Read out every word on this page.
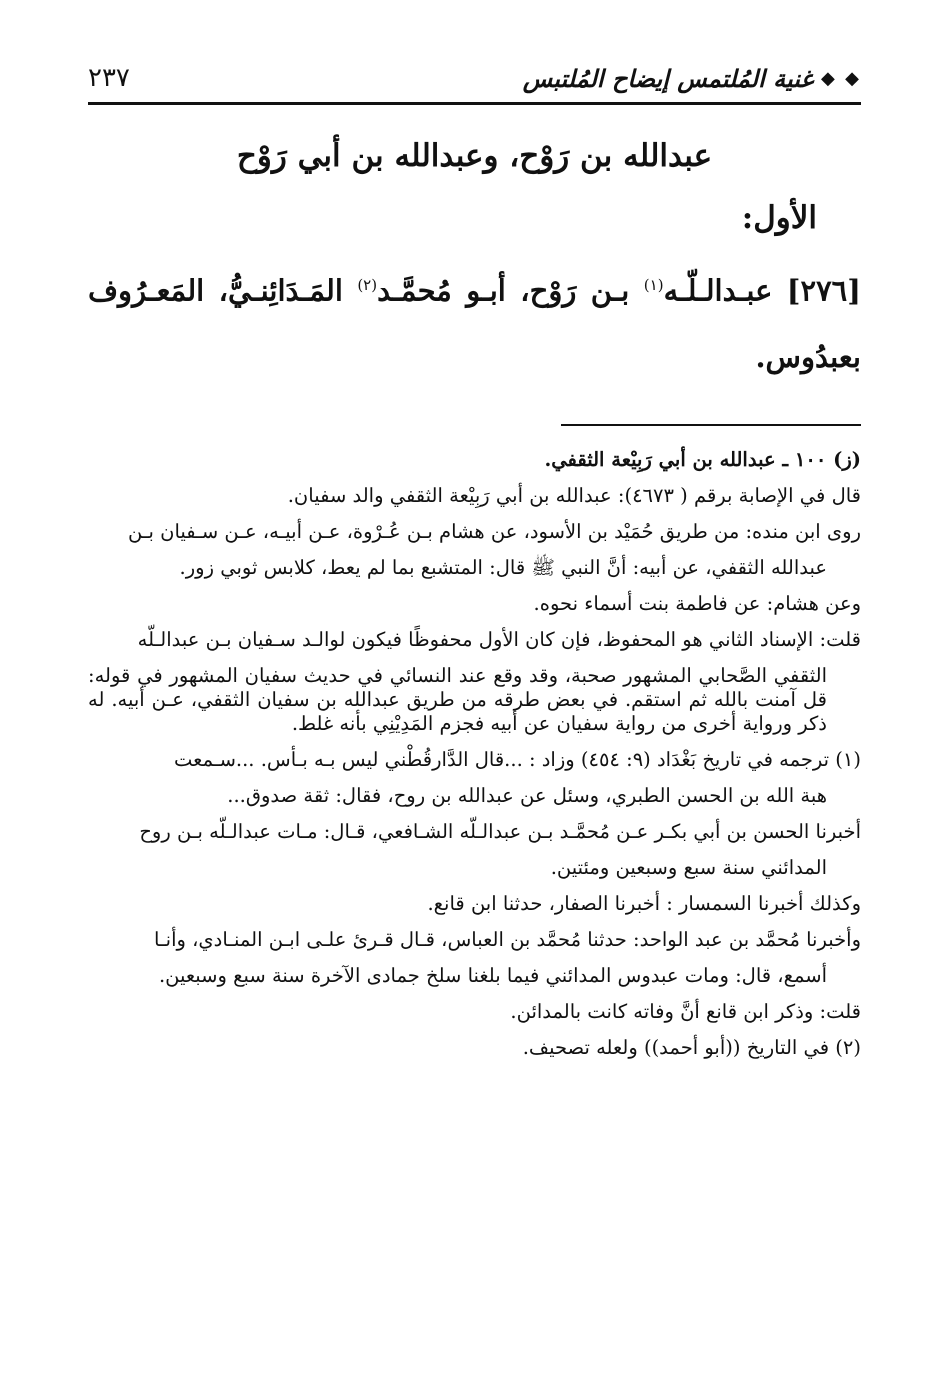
◆ ◆
غنية المُلتمس إيضاح المُلتبس
٢٣٧
عبدالله بن رَوْح، وعبدالله بن أبي رَوْح
الأول:
[٢٧٦] عبـدالـلّـه$^{(١)}$ بـن رَوْح، أبـو مُحمَّـد$^{(٢)}$ المَـدَائِنـيُّ، المَعـرُوف بعبدُوس.

(ز) ١٠٠ ـ عبدالله بن أبي رَبِيْعة الثقفي.

قال في الإصابة برقم ( ٤٦٧٣): عبدالله بن أبي رَبِيْعة الثقفي والد سفيان.

روى ابن منده: من طريق حُمَيْد بن الأسود، عن هشام بـن عُـرْوة، عـن أبيـه، عـن سـفيان بـن
عبدالله الثقفي، عن أبيه: أنَّ النبي ﷺ قال: المتشبع بما لم يعط، كلابس ثوبي زور.

وعن هشام: عن فاطمة بنت أسماء نحوه.

قلت: الإسناد الثاني هو المحفوظ، فإن كان الأول محفوظًا فيكون لوالـد سـفيان بـن عبدالـلّه
الثقفي الصَّحابي المشهور صحبة، وقد وقع عند النسائي في حديث سفيان المشهور في قوله: قل آمنت بالله ثم استقم. في بعض طرقه من طريق عبدالله بن سفيان الثقفي، عـن أبيه. له ذكر ورواية أخرى من رواية سفيان عن أبيه فجزم المَدِيْنِي بأنه غلط.

(١) ترجمه في تاريخ بَغْدَاد (٩: ٤٥٤) وزاد : ...قال الدَّارقُطْني ليس بـه بـأس. ...سـمعت
هبة الله بن الحسن الطبري، وسئل عن عبدالله بن روح، فقال: ثقة صدوق...

أخبرنا الحسن بن أبي بكـر عـن مُحمَّـد بـن عبدالـلّه الشـافعي، قـال: مـات عبدالـلّه بـن روح
المدائني سنة سبع وسبعين ومئتين.

وكذلك أخبرنا السمسار : أخبرنا الصفار، حدثنا ابن قانع.

وأخبرنا مُحمَّد بن عبد الواحد: حدثنا مُحمَّد بن العباس، قـال قـرئ علـى ابـن المنـادي، وأنـا
أسمع، قال: ومات عبدوس المدائني فيما بلغنا سلخ جمادى الآخرة سنة سبع وسبعين.

قلت: وذكر ابن قانع أنَّ وفاته كانت بالمدائن.

(٢) في التاريخ ((أبو أحمد)) ولعله تصحيف.
